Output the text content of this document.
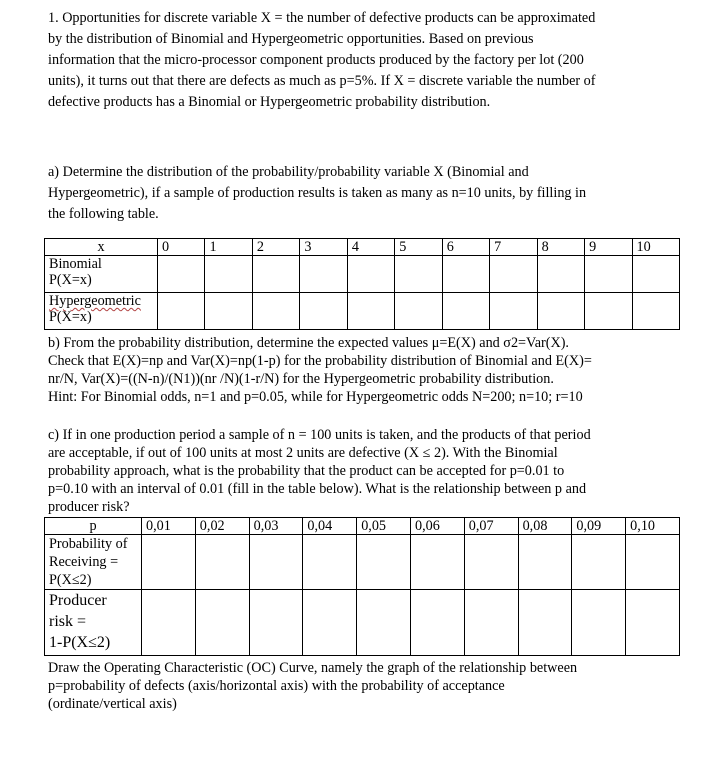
1. Opportunities for discrete variable X = the number of defective products can be approximated
by the distribution of Binomial and Hypergeometric opportunities. Based on previous
information that the micro-processor component products produced by the factory per lot (200
units), it turns out that there are defects as much as p=5%. If X = discrete variable the number of
defective products has a Binomial or Hypergeometric probability distribution.
a) Determine the distribution of the probability/probability variable X (Binomial and
Hypergeometric), if a sample of production results is taken as many as n=10 units, by filling in
the following table.
x	0	1	2	3	4	5	6	7	8	9	10
Binomial
P(X=x)											
Hypergeometric
P(X=x)											
b) From the probability distribution, determine the expected values μ=E(X) and σ2=Var(X).
Check that E(X)=np and Var(X)=np(1-p) for the probability distribution of Binomial and E(X)=
nr/N, Var(X)=((N-n)/(N1))(nr /N)(1-r/N) for the Hypergeometric probability distribution.
Hint: For Binomial odds, n=1 and p=0.05, while for Hypergeometric odds N=200; n=10; r=10
c) If in one production period a sample of n = 100 units is taken, and the products of that period
are acceptable, if out of 100 units at most 2 units are defective (X ≤ 2). With the Binomial
probability approach, what is the probability that the product can be accepted for p=0.01 to
p=0.10 with an interval of 0.01 (fill in the table below). What is the relationship between p and
producer risk?
p	0,01	0,02	0,03	0,04	0,05	0,06	0,07	0,08	0,09	0,10
Probability of
Receiving =
P(X≤2)										
Producer
risk =
1-P(X≤2)										
Draw the Operating Characteristic (OC) Curve, namely the graph of the relationship between
p=probability of defects (axis/horizontal axis) with the probability of acceptance
(ordinate/vertical axis)
